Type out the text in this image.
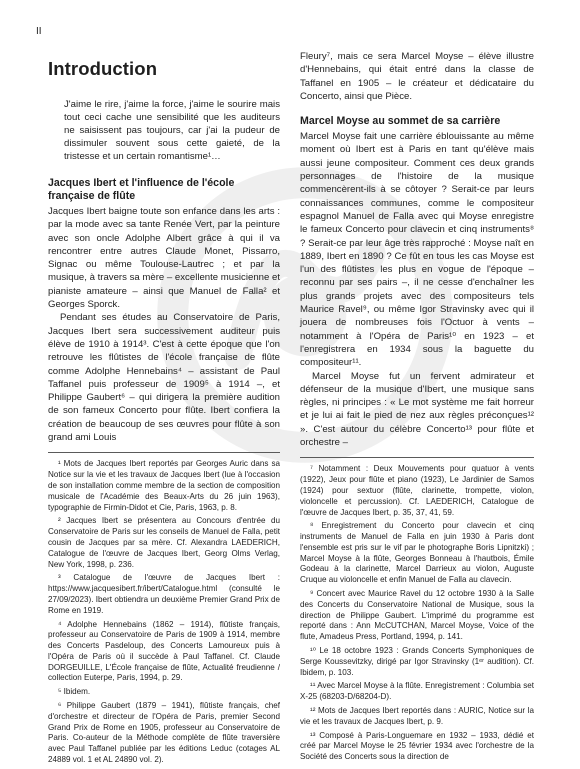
II
Introduction

J'aime le rire, j'aime la force, j'aime le sourire mais tout ceci cache une sensibilité que les auditeurs ne saisissent pas toujours, car j'ai la pudeur de dissimuler souvent sous cette gaieté, de la tristesse et un certain romantisme¹…

Jacques Ibert et l'influence de l'école française de flûte

Jacques Ibert baigne toute son enfance dans les arts : par la mode avec sa tante Renée Vert, par la peinture avec son oncle Adolphe Albert grâce à qui il va rencontrer entre autres Claude Monet, Pissarro, Signac ou même Toulouse-Lautrec ; et par la musique, à travers sa mère – excellente musicienne et pianiste amateure – ainsi que Manuel de Falla² et Georges Sporck.

Pendant ses études au Conservatoire de Paris, Jacques Ibert sera successivement auditeur puis élève de 1910 à 1914³. C'est à cette époque que l'on retrouve les flûtistes de l'école française de flûte comme Adolphe Hennebains⁴ – assistant de Paul Taffanel puis professeur de 1909⁵ à 1914 –, et Philippe Gaubert⁶ – qui dirigera la première audition de son fameux Concerto pour flûte. Ibert confiera la création de beaucoup de ses œuvres pour flûte à son grand ami Louis

¹ Mots de Jacques Ibert reportés par Georges Auric dans sa Notice sur la vie et les travaux de Jacques Ibert (lue à l'occasion de son installation comme membre de la section de composition musicale de l'Académie des Beaux-Arts du 26 juin 1963), typographie de Firmin-Didot et Cie, Paris, 1963, p. 8.

² Jacques Ibert se présentera au Concours d'entrée du Conservatoire de Paris sur les conseils de Manuel de Falla, petit cousin de Jacques par sa mère. Cf. Alexandra LAEDERICH, Catalogue de l'œuvre de Jacques Ibert, Georg Olms Verlag, New York, 1998, p. 236.

³ Catalogue de l'œuvre de Jacques Ibert : https://www.jacquesibert.fr/ibert/Catalogue.html (consulté le 27/09/2023). Ibert obtiendra un deuxième Premier Grand Prix de Rome en 1919.

⁴ Adolphe Hennebains (1862 – 1914), flûtiste français, professeur au Conservatoire de Paris de 1909 à 1914, membre des Concerts Pasdeloup, des Concerts Lamoureux puis à l'Opéra de Paris où il succède à Paul Taffanel. Cf. Claude DORGEUILLE, L'École française de flûte, Actualité freudienne / collection Euterpe, Paris, 1994, p. 29.

⁵ Ibidem.

⁶ Philippe Gaubert (1879 – 1941), flûtiste français, chef d'orchestre et directeur de l'Opéra de Paris, premier Second Grand Prix de Rome en 1905, professeur au Conservatoire de Paris. Co-auteur de la Méthode complète de flûte traversière avec Paul Taffanel publiée par les éditions Leduc (cotages AL 24889 vol. 1 et AL 24890 vol. 2).

Fleury⁷, mais ce sera Marcel Moyse – élève illustre d'Hennebains, qui était entré dans la classe de Taffanel en 1905 – le créateur et dédicataire du Concerto, ainsi que Pièce.

Marcel Moyse au sommet de sa carrière

Marcel Moyse fait une carrière éblouissante au même moment où Ibert est à Paris en tant qu'élève mais aussi jeune compositeur. Comment ces deux grands personnages de l'histoire de la musique commencèrent-ils à se côtoyer ? Serait-ce par leurs connaissances communes, comme le compositeur espagnol Manuel de Falla avec qui Moyse enregistre le fameux Concerto pour clavecin et cinq instruments⁸ ? Serait-ce par leur âge très rapproché : Moyse naît en 1889, Ibert en 1890 ? Ce fût en tous les cas Moyse est l'un des flûtistes les plus en vogue de l'époque – reconnu par ses pairs –, il ne cesse d'enchaîner les plus grands projets avec des compositeurs tels Maurice Ravel⁹, ou même Igor Stravinsky avec qui il jouera de nombreuses fois l'Octuor à vents – notamment à l'Opéra de Paris¹⁰ en 1923 – et l'enregistrera en 1934 sous la baguette du compositeur¹¹.

Marcel Moyse fut un fervent admirateur et défenseur de la musique d'Ibert, une musique sans règles, ni principes : « Le mot système me fait horreur et je lui ai fait le pied de nez aux règles préconçues¹² ». C'est autour du célèbre Concerto¹³ pour flûte et orchestre –

⁷ Notamment : Deux Mouvements pour quatuor à vents (1922), Jeux pour flûte et piano (1923), Le Jardinier de Samos (1924) pour sextuor (flûte, clarinette, trompette, violon, violoncelle et percussion). Cf. LAEDERICH, Catalogue de l'œuvre de Jacques Ibert, p. 35, 37, 41, 59.

⁸ Enregistrement du Concerto pour clavecin et cinq instruments de Manuel de Falla en juin 1930 à Paris dont l'ensemble est pris sur le vif par le photographe Boris Lipnitzki) ; Marcel Moyse à la flûte, Georges Bonneau à l'hautbois, Émile Godeau à la clarinette, Marcel Darrieux au violon, Auguste Cruque au violoncelle et enfin Manuel de Falla au clavecin.

⁹ Concert avec Maurice Ravel du 12 octobre 1930 à la Salle des Concerts du Conservatoire National de Musique, sous la direction de Philippe Gaubert. L'imprimé du programme est reporté dans : Ann McCUTCHAN, Marcel Moyse, Voice of the flute, Amadeus Press, Portland, 1994, p. 141.

¹⁰ Le 18 octobre 1923 : Grands Concerts Symphoniques de Serge Koussevitzky, dirigé par Igor Stravinsky (1ᵉʳ audition). Cf. Ibidem, p. 103.

¹¹ Avec Marcel Moyse à la flûte. Enregistrement : Columbia set X-25 (68203-D/68204-D).

¹² Mots de Jacques Ibert reportés dans : AURIC, Notice sur la vie et les travaux de Jacques Ibert, p. 9.

¹³ Composé à Paris-Longuemare en 1932 – 1933, dédié et créé par Marcel Moyse le 25 février 1934 avec l'orchestre de la Société des Concerts sous la direction de
